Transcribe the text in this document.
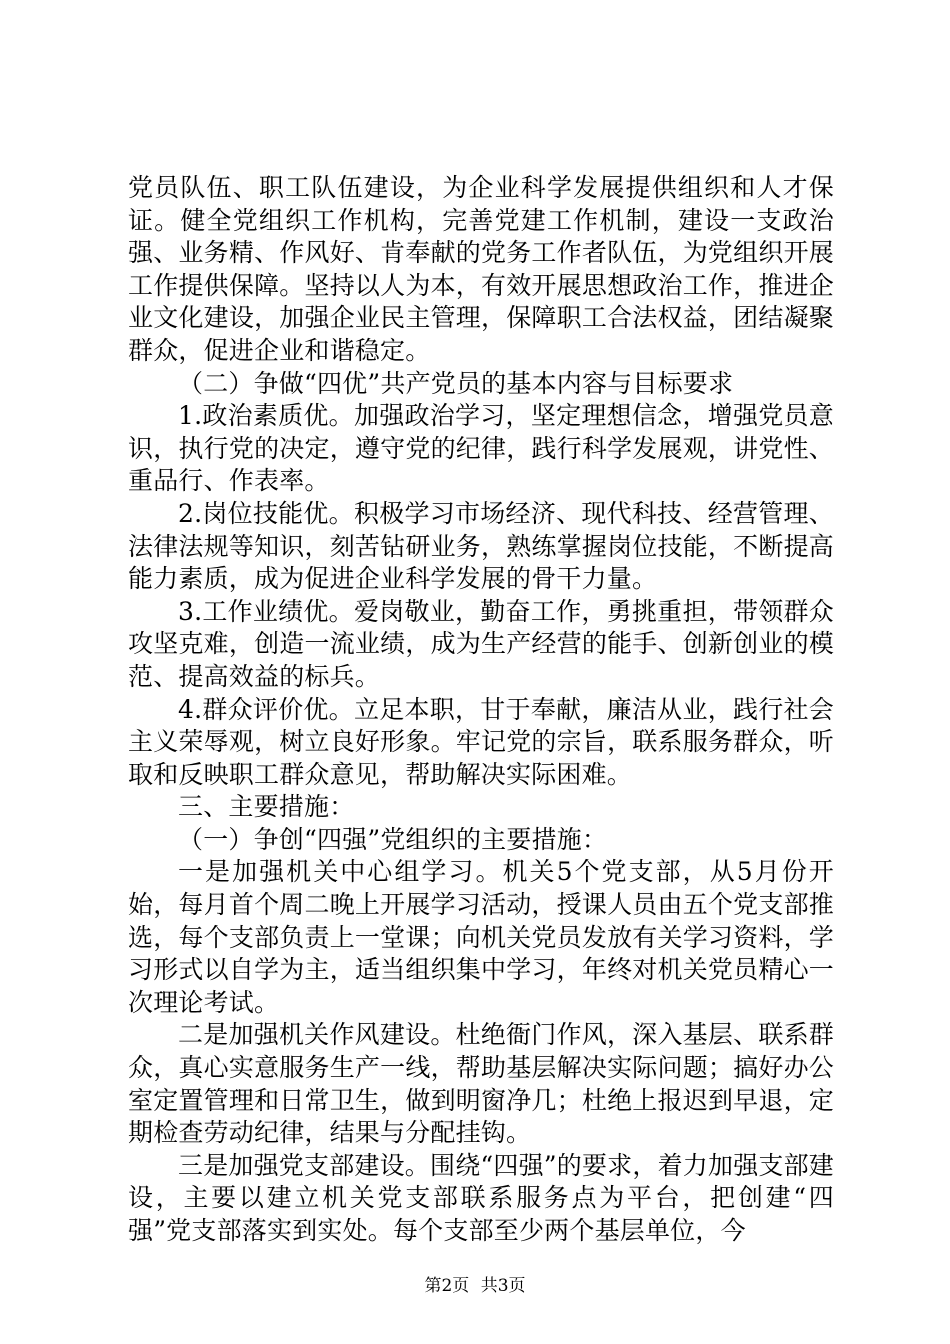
党员队伍、职工队伍建设，为企业科学发展提供组织和人才保证。健全党组织工作机构，完善党建工作机制，建设一支政治强、业务精、作风好、肯奉献的党务工作者队伍，为党组织开展工作提供保障。坚持以人为本，有效开展思想政治工作，推进企业文化建设，加强企业民主管理，保障职工合法权益，团结凝聚群众，促进企业和谐稳定。

（二）争做“四优”共产党员的基本内容与目标要求

1.政治素质优。加强政治学习，坚定理想信念，增强党员意识，执行党的决定，遵守党的纪律，践行科学发展观，讲党性、重品行、作表率。

2.岗位技能优。积极学习市场经济、现代科技、经营管理、法律法规等知识，刻苦钻研业务，熟练掌握岗位技能，不断提高能力素质，成为促进企业科学发展的骨干力量。

3.工作业绩优。爱岗敬业，勤奋工作，勇挑重担，带领群众攻坚克难，创造一流业绩，成为生产经营的能手、创新创业的模范、提高效益的标兵。

4.群众评价优。立足本职，甘于奉献，廉洁从业，践行社会主义荣辱观，树立良好形象。牢记党的宗旨，联系服务群众，听取和反映职工群众意见，帮助解决实际困难。

三、主要措施：

（一）争创“四强”党组织的主要措施：

一是加强机关中心组学习。机关5个党支部，从5月份开始，每月首个周二晚上开展学习活动，授课人员由五个党支部推选，每个支部负责上一堂课；向机关党员发放有关学习资料，学习形式以自学为主，适当组织集中学习，年终对机关党员精心一次理论考试。

二是加强机关作风建设。杜绝衙门作风，深入基层、联系群众，真心实意服务生产一线，帮助基层解决实际问题；搞好办公室定置管理和日常卫生，做到明窗净几；杜绝上报迟到早退，定期检查劳动纪律，结果与分配挂钩。

三是加强党支部建设。围绕“四强”的要求，着力加强支部建设，主要以建立机关党支部联系服务点为平台，把创建“四强”党支部落实到实处。每个支部至少两个基层单位，今

第2页 共3页
